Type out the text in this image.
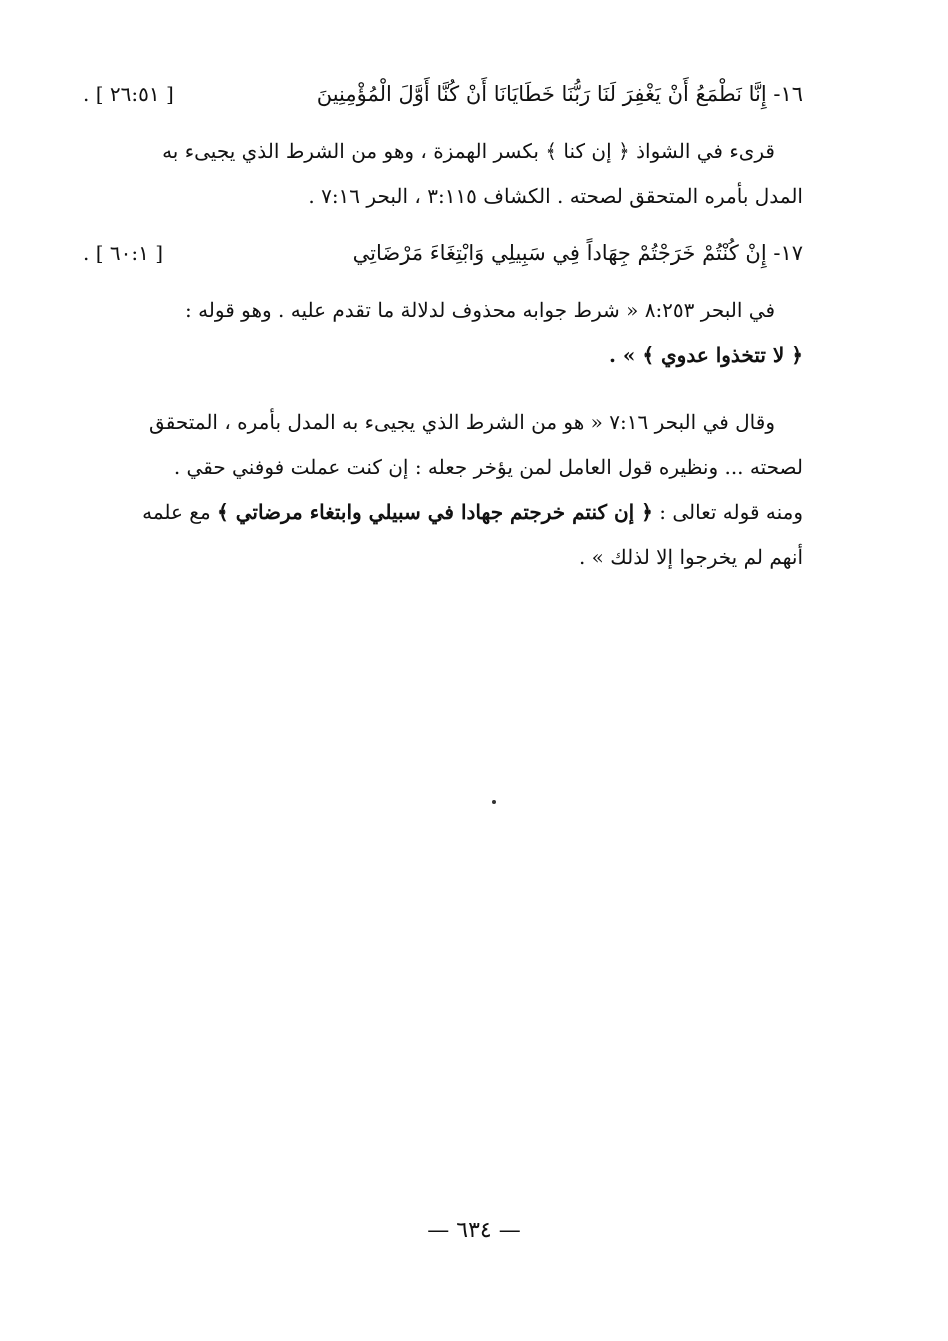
١٦- إِنَّا نَطْمَعُ أَنْ يَغْفِرَ لَنَا رَبُّنَا خَطَايَانَا أَنْ كُنَّا أَوَّلَ الْمُؤْمِنِينَ
[ ٢٦:٥١ ] .
قرىء في الشواذ ﴿ إن كنا ﴾ بكسر الهمزة ، وهو من الشرط الذي يجيىء به
المدل بأمره المتحقق لصحته . الكشاف ٣:١١٥ ، البحر ٧:١٦ .
١٧- إِنْ كُنْتُمْ خَرَجْتُمْ جِهَاداً فِي سَبِيلِي وَابْتِغَاءَ مَرْضَاتِي
[ ٦٠:١ ] .
في البحر ٨:٢٥٣ « شرط جوابه محذوف لدلالة ما تقدم عليه . وهو قوله :
﴿ لا تتخذوا عدوي ﴾ » .
وقال في البحر ٧:١٦ « هو من الشرط الذي يجيىء به المدل بأمره ، المتحقق
لصحته ... ونظيره قول العامل لمن يؤخر جعله : إن كنت عملت فوفني حقي .
ومنه قوله تعالى : ﴿ إن كنتم خرجتم جهادا في سبيلي وابتغاء مرضاتي ﴾ مع علمه
أنهم لم يخرجوا إلا لذلك » .
— ٦٣٤ —
